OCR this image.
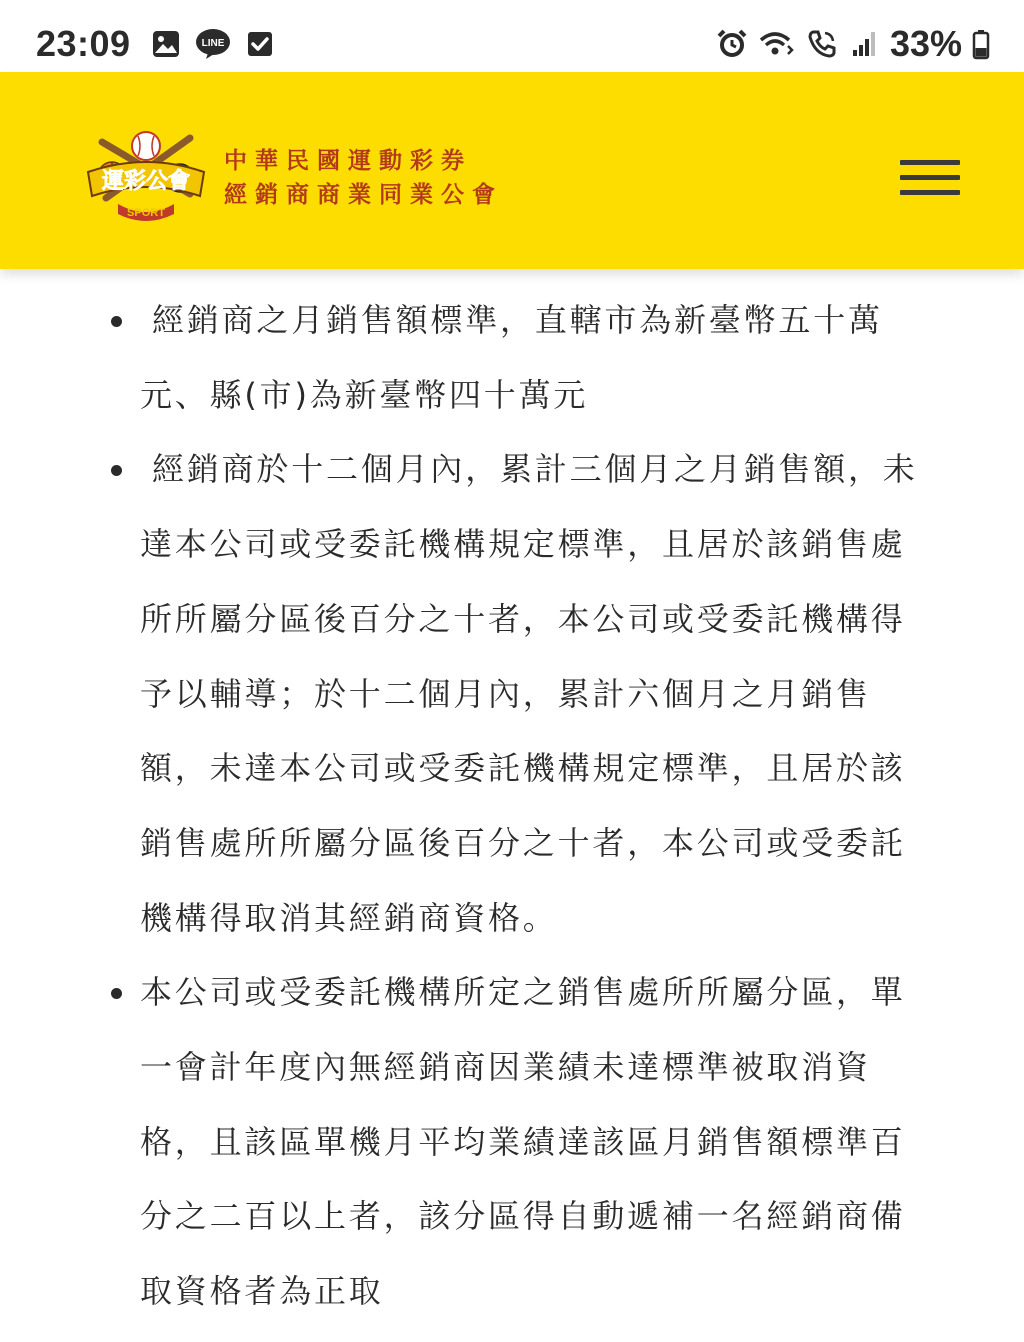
23:09	LINE	33%
運彩公會
SPORT
中華民國運動彩券
經銷商商業同業公會
經銷商之月銷售額標準，直轄市為新臺幣五十萬元、縣(市)為新臺幣四十萬元
經銷商於十二個月內，累計三個月之月銷售額，未達本公司或受委託機構規定標準，且居於該銷售處所所屬分區後百分之十者，本公司或受委託機構得予以輔導；於十二個月內，累計六個月之月銷售額，未達本公司或受委託機構規定標準，且居於該銷售處所所屬分區後百分之十者，本公司或受委託機構得取消其經銷商資格。
本公司或受委託機構所定之銷售處所所屬分區，單一會計年度內無經銷商因業績未達標準被取消資格，且該區單機月平均業績達該區月銷售額標準百分之二百以上者，該分區得自動遞補一名經銷商備取資格者為正取
